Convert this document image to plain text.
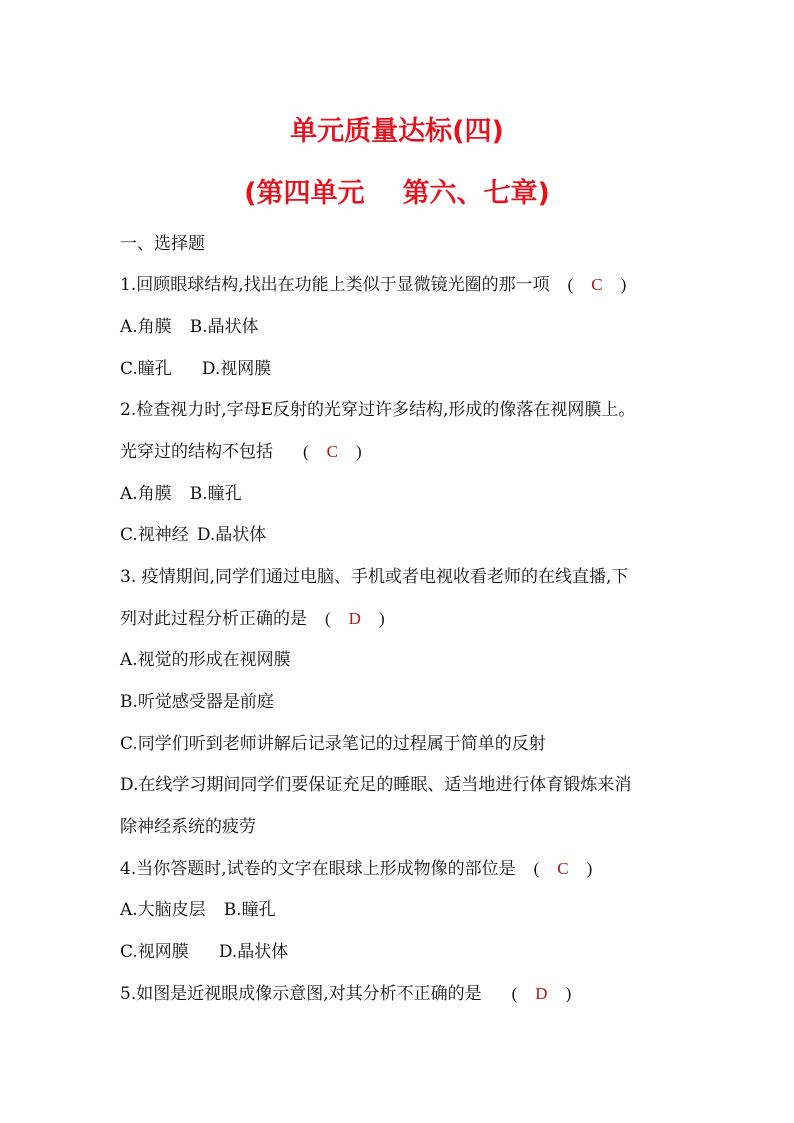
单元质量达标(四)
(第四单元 第六、七章)
一、选择题
1.回顾眼球结构,找出在功能上类似于显微镜光圈的那一项 ( C )
A.角膜 B.晶状体
C.瞳孔 D.视网膜
2.检查视力时,字母E反射的光穿过许多结构,形成的像落在视网膜上。
光穿过的结构不包括 ( C )
A.角膜 B.瞳孔
C.视神经 D.晶状体
3. 疫情期间,同学们通过电脑、手机或者电视收看老师的在线直播,下
列对此过程分析正确的是 ( D )
A.视觉的形成在视网膜
B.听觉感受器是前庭
C.同学们听到老师讲解后记录笔记的过程属于简单的反射
D.在线学习期间同学们要保证充足的睡眠、适当地进行体育锻炼来消
除神经系统的疲劳
4.当你答题时,试卷的文字在眼球上形成物像的部位是 ( C )
A.大脑皮层 B.瞳孔
C.视网膜 D.晶状体
5.如图是近视眼成像示意图,对其分析不正确的是 ( D )
